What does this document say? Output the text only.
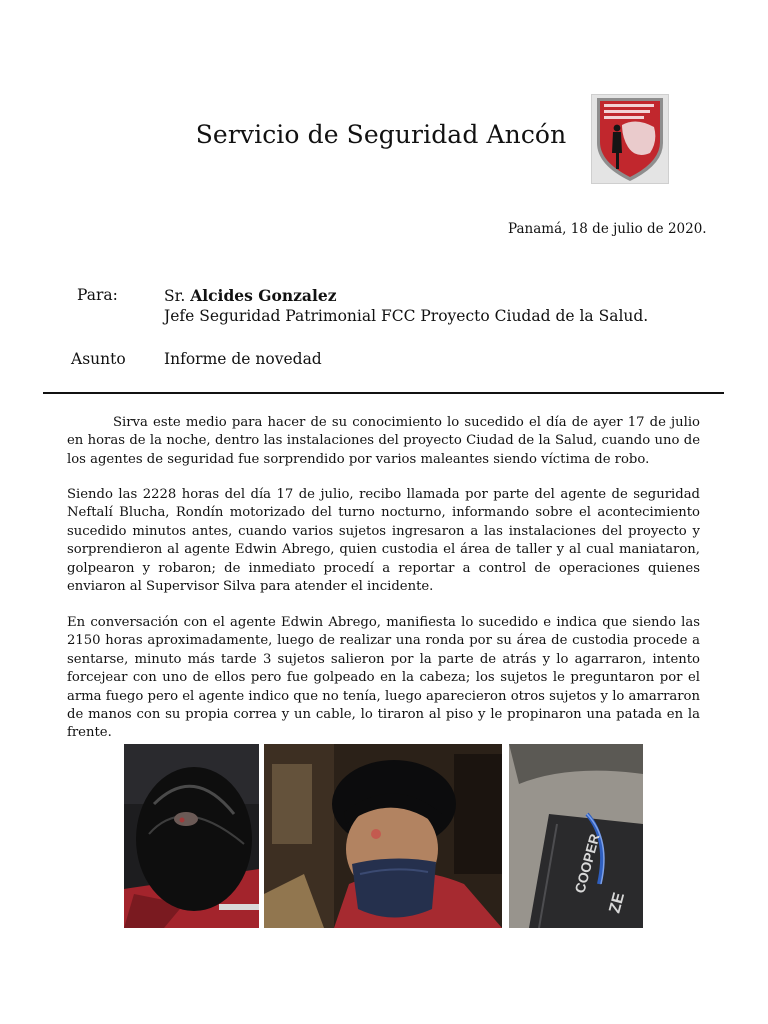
Servicio de Seguridad Ancón
Panamá, 18 de julio de 2020.
Para:	Sr. Alcides Gonzalez
Jefe Seguridad Patrimonial FCC Proyecto Ciudad de la Salud.
Asunto Informe de novedad

Sirva este medio para hacer de su conocimiento lo sucedido el día de ayer 17 de julio en horas de la noche, dentro las instalaciones del proyecto Ciudad de la Salud, cuando uno de los agentes de seguridad fue sorprendido por varios maleantes siendo víctima de robo.

Siendo las 2228 horas del día 17 de julio, recibo llamada por parte del agente de seguridad Neftalí Blucha, Rondín motorizado del turno nocturno, informando sobre el acontecimiento sucedido minutos antes, cuando varios sujetos ingresaron a las instalaciones del proyecto y sorprendieron al agente Edwin Abrego, quien custodia el área de taller y al cual maniataron, golpearon y robaron; de inmediato procedí a reportar a control de operaciones quienes enviaron al Supervisor Silva para atender el incidente.

En conversación con el agente Edwin Abrego, manifiesta lo sucedido e indica que siendo las 2150 horas aproximadamente, luego de realizar una ronda por su área de custodia procede a sentarse, minuto más tarde 3 sujetos salieron por la parte de atrás y lo agarraron, intento forcejear con uno de ellos pero fue golpeado en la cabeza; los sujetos le preguntaron por el arma fuego pero el agente indico que no tenía, luego aparecieron otros sujetos y lo amarraron de manos con su propia correa y un cable, lo tiraron al piso y le propinaron una patada en la frente.

COOPER
ZE
